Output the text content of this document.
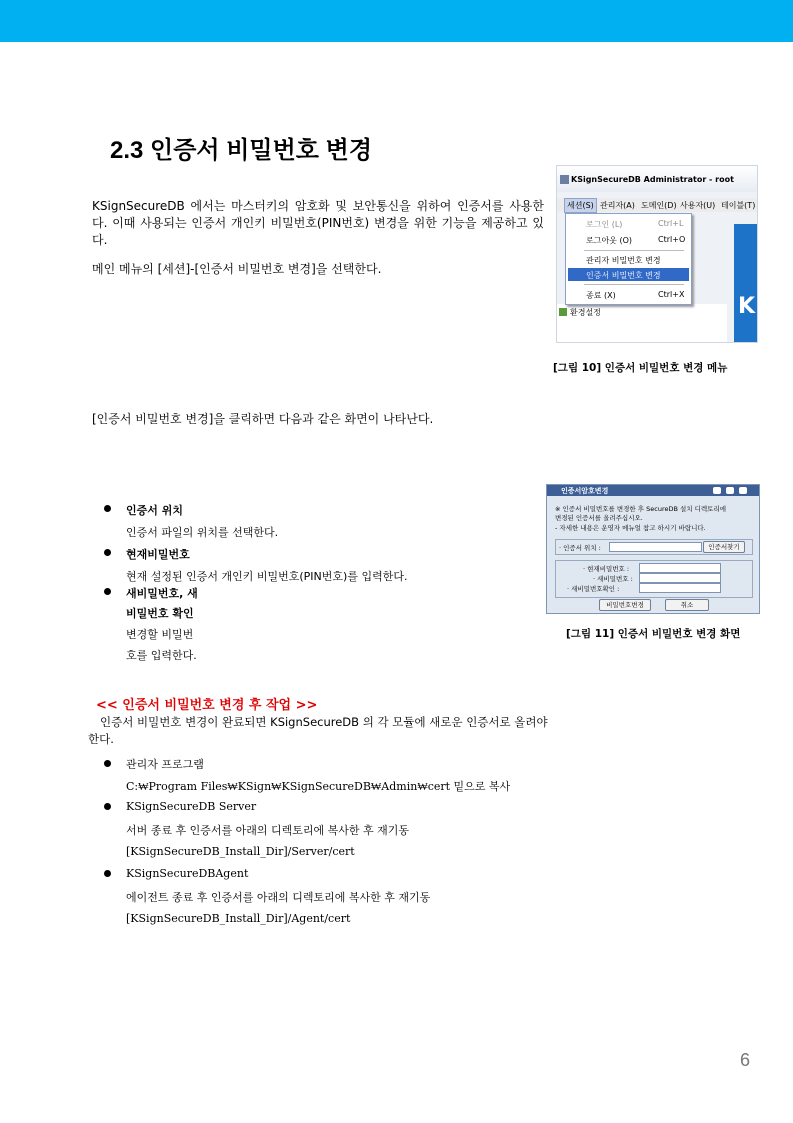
2.3 인증서 비밀번호 변경
KSignSecureDB 에서는 마스터키의 암호화 및 보안통신을 위하여 인증서를 사용한 다. 이때 사용되는 인증서 개인키 비밀번호(PIN번호) 변경을 위한 기능을 제공하고 있다.
메인 메뉴의 [세션]-[인증서 비밀번호 변경]을 선택한다.
KSignSecureDB Administrator - root
세션(S) 관리자(A) 도메인(D) 사용자(U) 테이블(T)
K
환경설정
로그인 (L)	Ctrl+L
로그아웃 (O)	Ctrl+O
관리자 비밀번호 변경
인증서 비밀번호 변경
종료 (X)	Ctrl+X
[그림 10] 인증서 비밀번호 변경 메뉴
[인증서 비밀번호 변경]을 클릭하면 다음과 같은 화면이 나타난다.
인증서암호변경
※ 인증서 비밀번호를 변경한 후 SecureDB 설치 디렉토리에
변경된 인증서를 올려주십시오.
- 자세한 내용은 운영자 메뉴얼 참고 하시기 바랍니다.
· 인증서 위치 :	인증서찾기
· 현재비밀번호 :
· 새비밀번호 :
· 새비밀번호확인 :
비밀번호변경	취소
[그림 11] 인증서 비밀번호 변경 화면
인증서 위치
인증서 파일의 위치를 선택한다.
현재비밀번호
현재 설정된 인증서 개인키 비밀번호(PIN번호)를 입력한다.
새비밀번호, 새
비밀번호 확인
변경할 비밀번
호를 입력한다.
<< 인증서 비밀번호 변경 후 작업 >>
인증서 비밀번호 변경이 완료되면 KSignSecureDB 의 각 모듈에 새로운 인증서로 올려야 한다.
관리자 프로그램
C:₩Program Files₩KSign₩KSignSecureDB₩Admin₩cert 밑으로 복사
KSignSecureDB Server
서버 종료 후 인증서를 아래의 디렉토리에 복사한 후 재기동
[KSignSecureDB_Install_Dir]/Server/cert
KSignSecureDBAgent
에이전트 종료 후 인증서를 아래의 디렉토리에 복사한 후 재기동
[KSignSecureDB_Install_Dir]/Agent/cert
6
